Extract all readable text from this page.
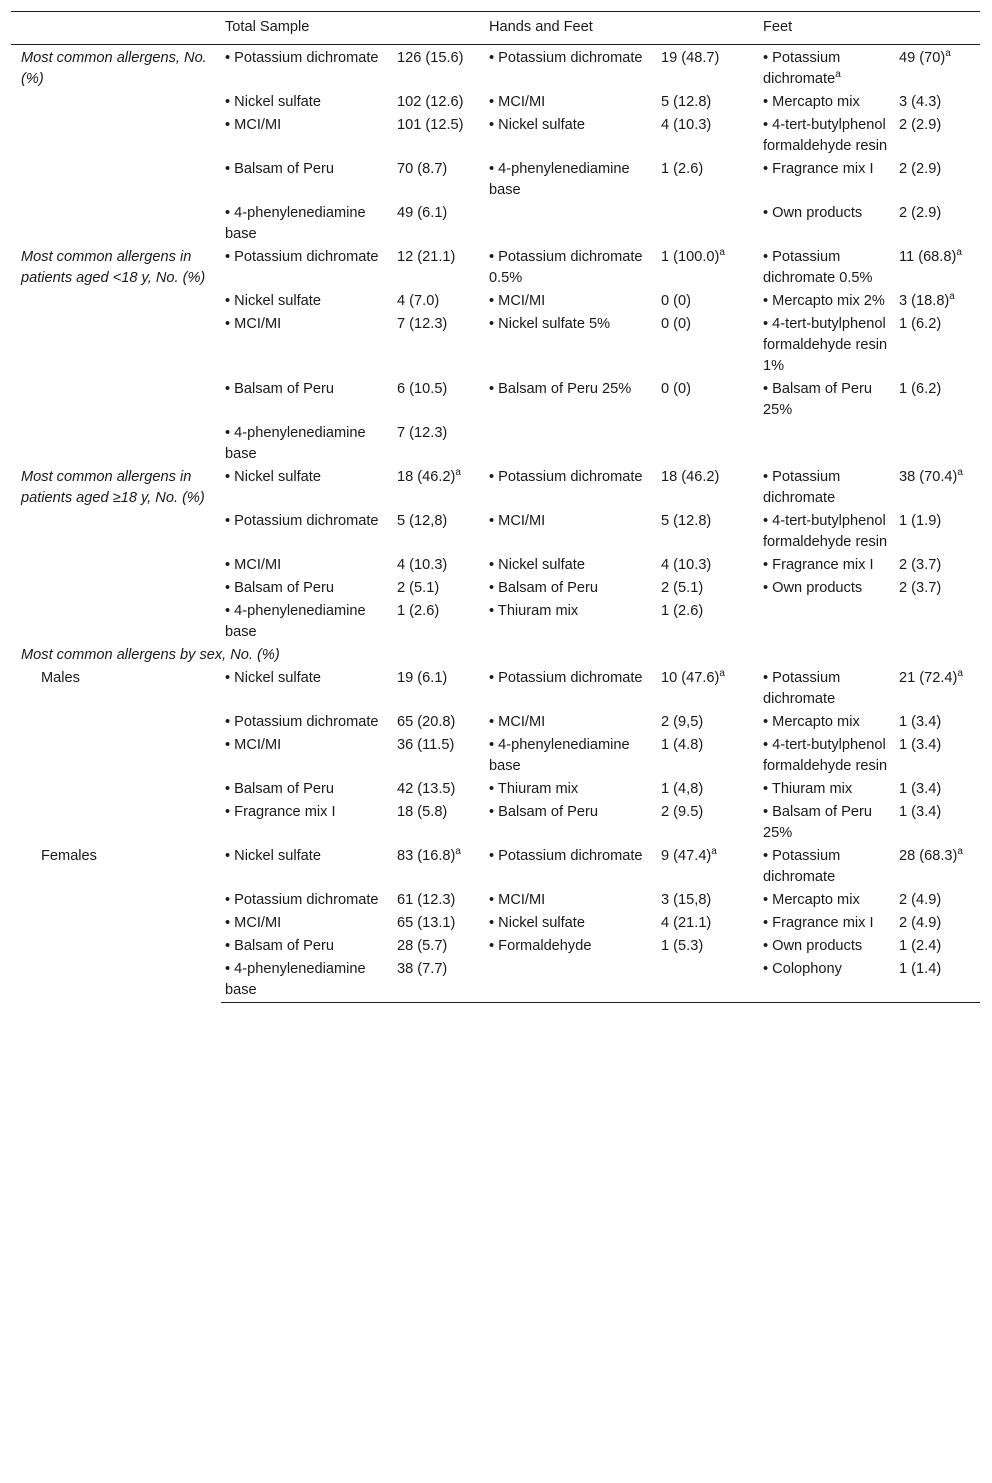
	Total Sample		Hands and Feet		Feet	
Most common allergens, No. (%)	• Potassium dichromate	126 (15.6)	• Potassium dichromate	19 (48.7)	• Potassium dichromate$^a$	49 $(70)^a$
	• Nickel sulfate	102 (12.6)	• MCI/MI	5 (12.8)	• Mercapto mix	3 (4.3)
	• MCI/MI	101 (12.5)	• Nickel sulfate	4 (10.3)	• 4-tert-butylphenol formaldehyde resin	2 (2.9)
	• Balsam of Peru	70 (8.7)	• 4-phenylenediamine base	1 (2.6)	• Fragrance mix I	2 (2.9)
	• 4-phenylenediamine base	49 (6.1)			• Own products	2 (2.9)
Most common allergens in patients aged <18 y, No. (%)	• Potassium dichromate	12 (21.1)	• Potassium dichromate 0.5%	1 $(100.0)^a$	• Potassium dichromate 0.5%	11 $(68.8)^a$
	• Nickel sulfate	4 (7.0)	• MCI/MI	0 (0)	• Mercapto mix 2%	3 $(18.8)^a$
	• MCI/MI	7 (12.3)	• Nickel sulfate 5%	0 (0)	• 4-tert-butylphenol formaldehyde resin 1%	1 (6.2)
	• Balsam of Peru	6 (10.5)	• Balsam of Peru 25%	0 (0)	• Balsam of Peru 25%	1 (6.2)
	• 4-phenylenediamine base	7 (12.3)				
Most common allergens in patients aged ≥18 y, No. (%)	• Nickel sulfate	18 $(46.2)^a$	• Potassium dichromate	18 (46.2)	• Potassium dichromate	38 $(70.4)^a$
	• Potassium dichromate	5 (12,8)	• MCI/MI	5 (12.8)	• 4-tert-butylphenol formaldehyde resin	1 (1.9)
	• MCI/MI	4 (10.3)	• Nickel sulfate	4 (10.3)	• Fragrance mix I	2 (3.7)
	• Balsam of Peru	2 (5.1)	• Balsam of Peru	2 (5.1)	• Own products	2 (3.7)
	• 4-phenylenediamine base	1 (2.6)	• Thiuram mix	1 (2.6)		
Most common allergens by sex, No. (%)						
Males	• Nickel sulfate	19 (6.1)	• Potassium dichromate	10 $(47.6)^a$	• Potassium dichromate	21 $(72.4)^a$
	• Potassium dichromate	65 (20.8)	• MCI/MI	2 (9,5)	• Mercapto mix	1 (3.4)
	• MCI/MI	36 (11.5)	• 4-phenylenediamine base	1 (4.8)	• 4-tert-butylphenol formaldehyde resin	1 (3.4)
	• Balsam of Peru	42 (13.5)	• Thiuram mix	1 (4,8)	• Thiuram mix	1 (3.4)
	• Fragrance mix I	18 (5.8)	• Balsam of Peru	2 (9.5)	• Balsam of Peru 25%	1 (3.4)
Females	• Nickel sulfate	83 $(16.8)^a$	• Potassium dichromate	9 $(47.4)^a$	• Potassium dichromate	28 $(68.3)^a$
	• Potassium dichromate	61 (12.3)	• MCI/MI	3 (15,8)	• Mercapto mix	2 (4.9)
	• MCI/MI	65 (13.1)	• Nickel sulfate	4 (21.1)	• Fragrance mix I	2 (4.9)
	• Balsam of Peru	28 (5.7)	• Formaldehyde	1 (5.3)	• Own products	1 (2.4)
	• 4-phenylenediamine base	38 (7.7)			• Colophony	1 (1.4)
